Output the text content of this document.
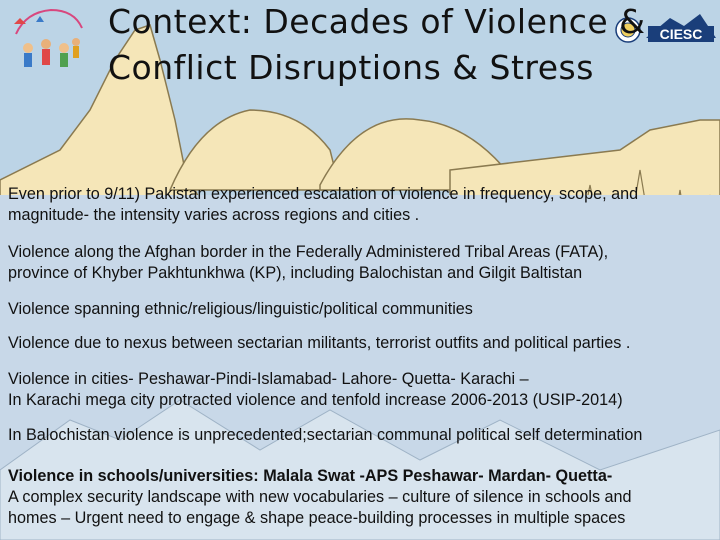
CIESC
Context: Decades of Violence &
Conflict Disruptions & Stress
Even prior to 9/11) Pakistan experienced escalation of violence in frequency, scope, and
magnitude- the intensity varies across regions and cities .
Violence along the Afghan border in the Federally Administered Tribal Areas (FATA),
province of Khyber Pakhtunkhwa (KP), including Balochistan and Gilgit Baltistan
Violence spanning ethnic/religious/linguistic/political communities
Violence due to nexus between sectarian militants, terrorist outfits and political parties .
Violence in cities- Peshawar-Pindi-Islamabad- Lahore- Quetta- Karachi –
In Karachi mega city protracted violence and tenfold increase 2006-2013 (USIP-2014)
In Balochistan violence is unprecedented;sectarian communal political self determination
Violence in schools/universities: Malala Swat -APS Peshawar- Mardan- Quetta-
A complex security landscape with new vocabularies – culture of silence in schools and
homes – Urgent need to engage & shape peace-building processes in multiple spaces
